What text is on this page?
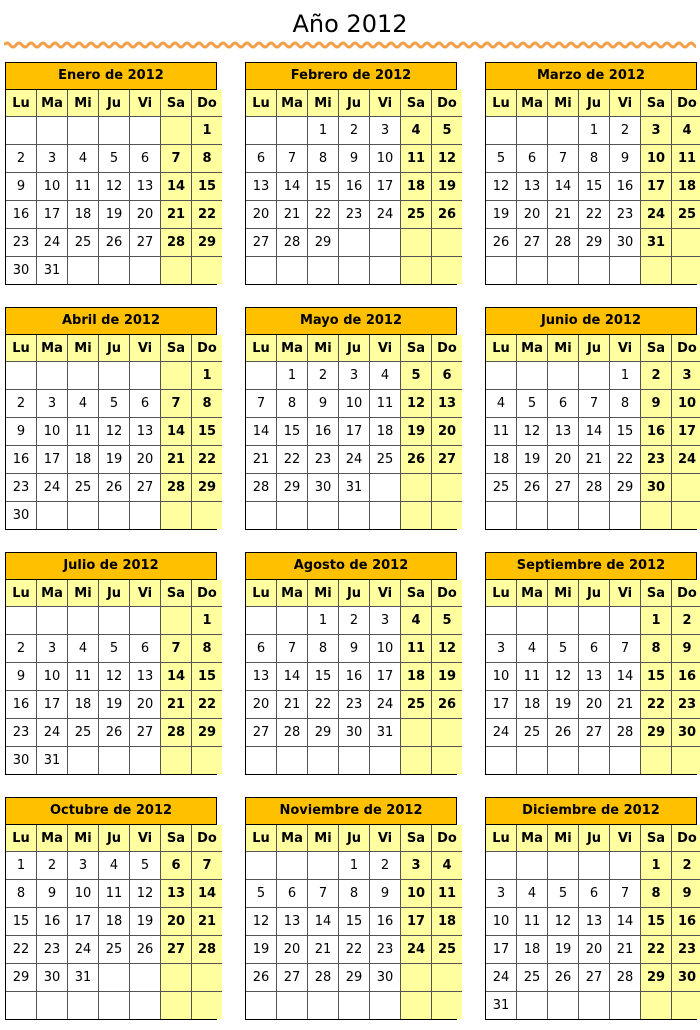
Año 2012
Enero de 2012
Lu	Ma	Mi	Ju	Vi	Sa	Do
						1
2	3	4	5	6	7	8
9	10	11	12	13	14	15
16	17	18	19	20	21	22
23	24	25	26	27	28	29
30	31					
Febrero de 2012
Lu	Ma	Mi	Ju	Vi	Sa	Do
		1	2	3	4	5
6	7	8	9	10	11	12
13	14	15	16	17	18	19
20	21	22	23	24	25	26
27	28	29				

Marzo de 2012
Lu	Ma	Mi	Ju	Vi	Sa	Do
			1	2	3	4
5	6	7	8	9	10	11
12	13	14	15	16	17	18
19	20	21	22	23	24	25
26	27	28	29	30	31	

Abril de 2012
Lu	Ma	Mi	Ju	Vi	Sa	Do
						1
2	3	4	5	6	7	8
9	10	11	12	13	14	15
16	17	18	19	20	21	22
23	24	25	26	27	28	29
30						
Mayo de 2012
Lu	Ma	Mi	Ju	Vi	Sa	Do
	1	2	3	4	5	6
7	8	9	10	11	12	13
14	15	16	17	18	19	20
21	22	23	24	25	26	27
28	29	30	31			

Junio de 2012
Lu	Ma	Mi	Ju	Vi	Sa	Do
				1	2	3
4	5	6	7	8	9	10
11	12	13	14	15	16	17
18	19	20	21	22	23	24
25	26	27	28	29	30	

Julio de 2012
Lu	Ma	Mi	Ju	Vi	Sa	Do
						1
2	3	4	5	6	7	8
9	10	11	12	13	14	15
16	17	18	19	20	21	22
23	24	25	26	27	28	29
30	31					
Agosto de 2012
Lu	Ma	Mi	Ju	Vi	Sa	Do
		1	2	3	4	5
6	7	8	9	10	11	12
13	14	15	16	17	18	19
20	21	22	23	24	25	26
27	28	29	30	31		

Septiembre de 2012
Lu	Ma	Mi	Ju	Vi	Sa	Do
					1	2
3	4	5	6	7	8	9
10	11	12	13	14	15	16
17	18	19	20	21	22	23
24	25	26	27	28	29	30

Octubre de 2012
Lu	Ma	Mi	Ju	Vi	Sa	Do
1	2	3	4	5	6	7
8	9	10	11	12	13	14
15	16	17	18	19	20	21
22	23	24	25	26	27	28
29	30	31				

Noviembre de 2012
Lu	Ma	Mi	Ju	Vi	Sa	Do
			1	2	3	4
5	6	7	8	9	10	11
12	13	14	15	16	17	18
19	20	21	22	23	24	25
26	27	28	29	30		

Diciembre de 2012
Lu	Ma	Mi	Ju	Vi	Sa	Do
					1	2
3	4	5	6	7	8	9
10	11	12	13	14	15	16
17	18	19	20	21	22	23
24	25	26	27	28	29	30
31						
